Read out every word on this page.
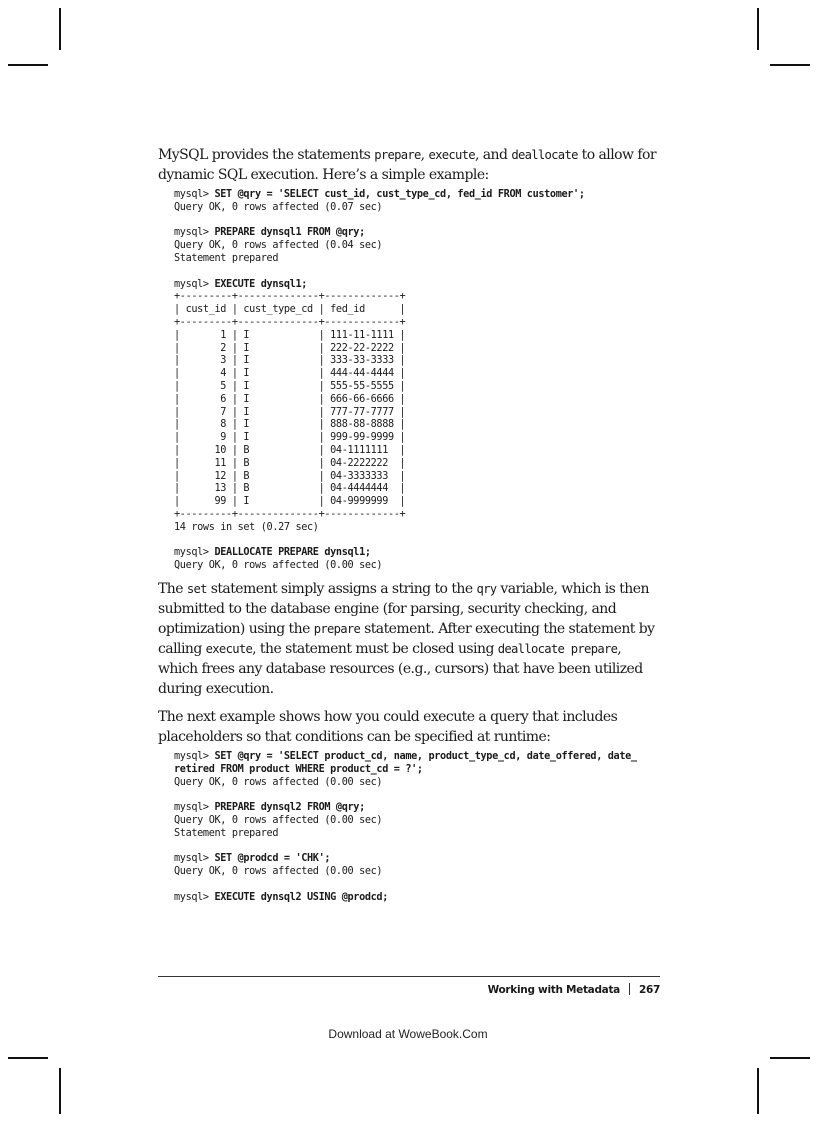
MySQL provides the statements prepare, execute, and deallocate to allow for dynamic SQL execution. Here’s a simple example:

mysql> SET @qry = 'SELECT cust_id, cust_type_cd, fed_id FROM customer';
Query OK, 0 rows affected (0.07 sec)
mysql> PREPARE dynsql1 FROM @qry;
Query OK, 0 rows affected (0.04 sec)
Statement prepared
mysql> EXECUTE dynsql1;
+---------+--------------+-------------+
| cust_id | cust_type_cd | fed_id      |
+---------+--------------+-------------+
|       1 | I            | 111-11-1111 |
|       2 | I            | 222-22-2222 |
|       3 | I            | 333-33-3333 |
|       4 | I            | 444-44-4444 |
|       5 | I            | 555-55-5555 |
|       6 | I            | 666-66-6666 |
|       7 | I            | 777-77-7777 |
|       8 | I            | 888-88-8888 |
|       9 | I            | 999-99-9999 |
|      10 | B            | 04-1111111  |
|      11 | B            | 04-2222222  |
|      12 | B            | 04-3333333  |
|      13 | B            | 04-4444444  |
|      99 | I            | 04-9999999  |
+---------+--------------+-------------+
14 rows in set (0.27 sec)
mysql> DEALLOCATE PREPARE dynsql1;
Query OK, 0 rows affected (0.00 sec)

The set statement simply assigns a string to the qry variable, which is then submitted to the database engine (for parsing, security checking, and optimization) using the prepare statement. After executing the statement by calling execute, the statement must be closed using deallocate prepare, which frees any database resources (e.g., cursors) that have been utilized during execution.

The next example shows how you could execute a query that includes placeholders so that conditions can be specified at runtime:

mysql> SET @qry = 'SELECT product_cd, name, product_type_cd, date_offered, date_
retired FROM product WHERE product_cd = ?';
Query OK, 0 rows affected (0.00 sec)
mysql> PREPARE dynsql2 FROM @qry;
Query OK, 0 rows affected (0.00 sec)
Statement prepared
mysql> SET @prodcd = 'CHK';
Query OK, 0 rows affected (0.00 sec)
mysql> EXECUTE dynsql2 USING @prodcd;
Working with Metadata 267
Download at WoweBook.Com
